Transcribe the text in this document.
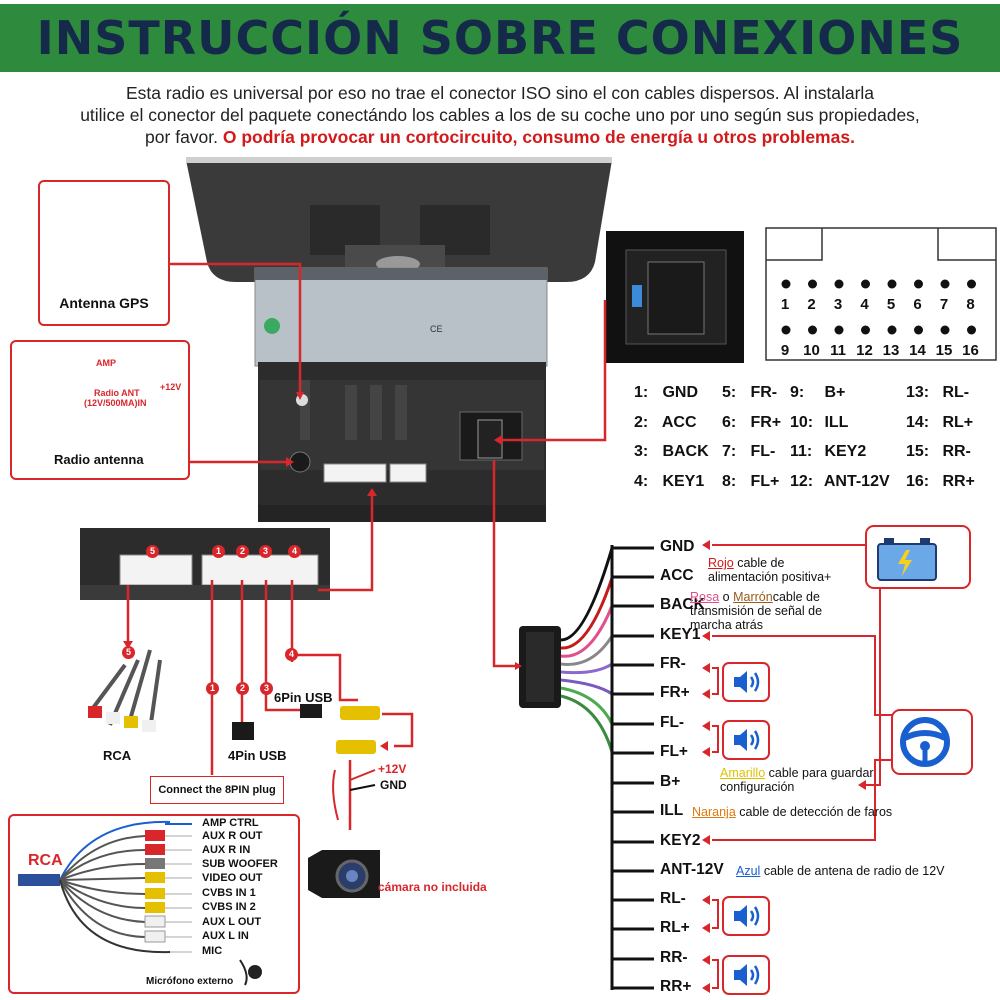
INSTRUCCIÓN SOBRE CONEXIONES
Esta radio es universal por eso no trae el conector ISO sino el con cables dispersos. Al instalarla
utilice el conector del paquete conectándo los cables a los de su coche uno por uno según sus propiedades,
por favor. O podría provocar un cortocircuito, consumo de energía u otros problemas.
CE
Antenna GPS
AMP
+12V
Radio ANT
(12V/500MA)IN
Radio antenna
1	2	3	4	5	6	7	8
9 10 11 12 13 14 15 16
1: GND 5: FR- 9: B+	13: RL-
2: ACC 6: FR+ 10: ILL	14: RL+
3: BACK 7: FL- 11: KEY2 15: RR-
4: KEY1 8: FL+ 12: ANT-12V 16: RR+
5	1	2	3	4
5
1	2	3
4
6Pin USB
4Pin USB
RCA
Connect the 8PIN plug
+12V
GND
cámara no incluida
RCA
AMP CTRL
AUX R OUT
AUX R IN
SUB WOOFER
VIDEO OUT
CVBS IN 1
CVBS IN 2
AUX L OUT
AUX L IN
MIC
Micrófono externo
GND
ACC
BACK
KEY1
FR-
FR+
FL-
FL+
B+
ILL
KEY2
ANT-12V
RL-
RL+
RR-
RR+
Rojo cable de
alimentación positiva+
Rosa o Marróncable de
transmisión de señal de
marcha atrás
Amarillo cable para guardar
configuración
Naranja cable de detección de faros
Azul cable de antena de radio de 12V
